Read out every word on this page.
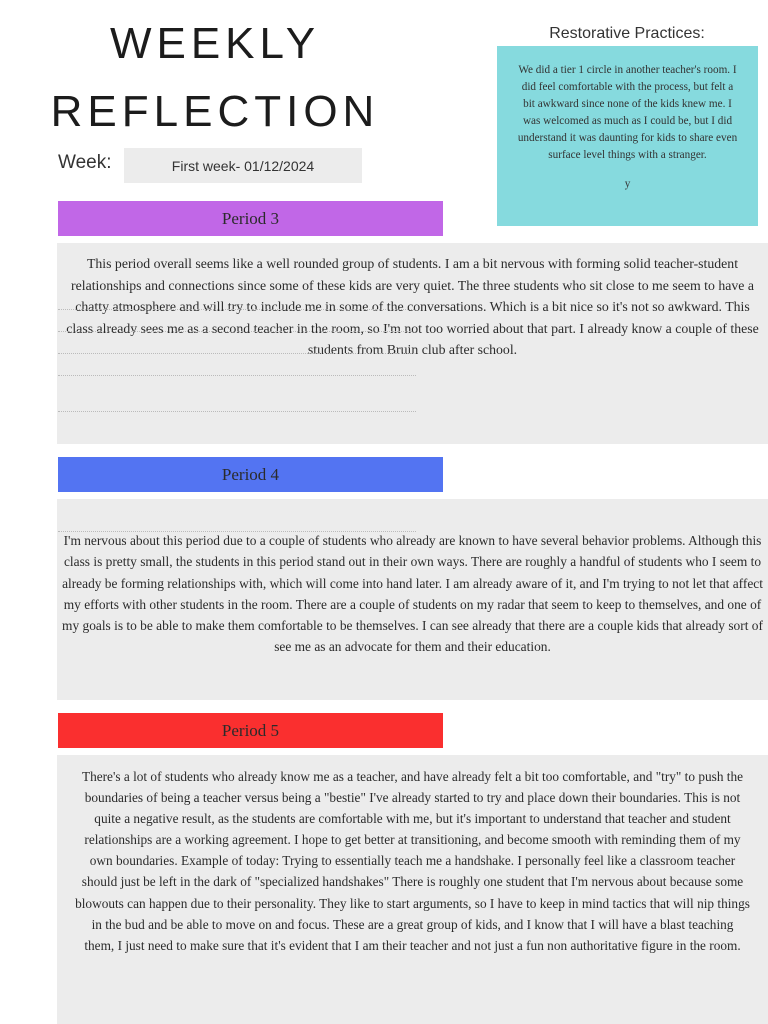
WEEKLY
REFLECTION
Week:	First week- 01/12/2024
Restorative Practices:
We did a tier 1 circle in another teacher's room. I did feel comfortable with the process, but felt a bit awkward since none of the kids knew me. I was welcomed as much as I could be, but I did understand it was daunting for kids to share even surface level things with a stranger.
y
Period 3
This period overall seems like a well rounded group of students. I am a bit nervous with forming solid teacher-student relationships and connections since some of these kids are very quiet. The three students who sit close to me seem to have a chatty atmosphere and will try to include me in some of the conversations. Which is a bit nice so it's not so awkward. This class already sees me as a second teacher in the room, so I'm not too worried about that part. I already know a couple of these students from Bruin club after school.
Period 4
I'm nervous about this period due to a couple of students who already are known to have several behavior problems. Although this class is pretty small, the students in this period stand out in their own ways. There are roughly a handful of students who I seem to already be forming relationships with, which will come into hand later. I am already aware of it, and I'm trying to not let that affect my efforts with other students in the room. There are a couple of students on my radar that seem to keep to themselves, and one of my goals is to be able to make them comfortable to be themselves. I can see already that there are a couple kids that already sort of see me as an advocate for them and their education.
Period 5
There's a lot of students who already know me as a teacher, and have already felt a bit too comfortable, and "try" to push the boundaries of being a teacher versus being a "bestie" I've already started to try and place down their boundaries. This is not quite a negative result, as the students are comfortable with me, but it's important to understand that teacher and student relationships are a working agreement. I hope to get better at transitioning, and become smooth with reminding them of my own boundaries. Example of today: Trying to essentially teach me a handshake. I personally feel like a classroom teacher should just be left in the dark of "specialized handshakes" There is roughly one student that I'm nervous about because some blowouts can happen due to their personality. They like to start arguments, so I have to keep in mind tactics that will nip things in the bud and be able to move on and focus. These are a great group of kids, and I know that I will have a blast teaching them, I just need to make sure that it's evident that I am their teacher and not just a fun non authoritative figure in the room.
